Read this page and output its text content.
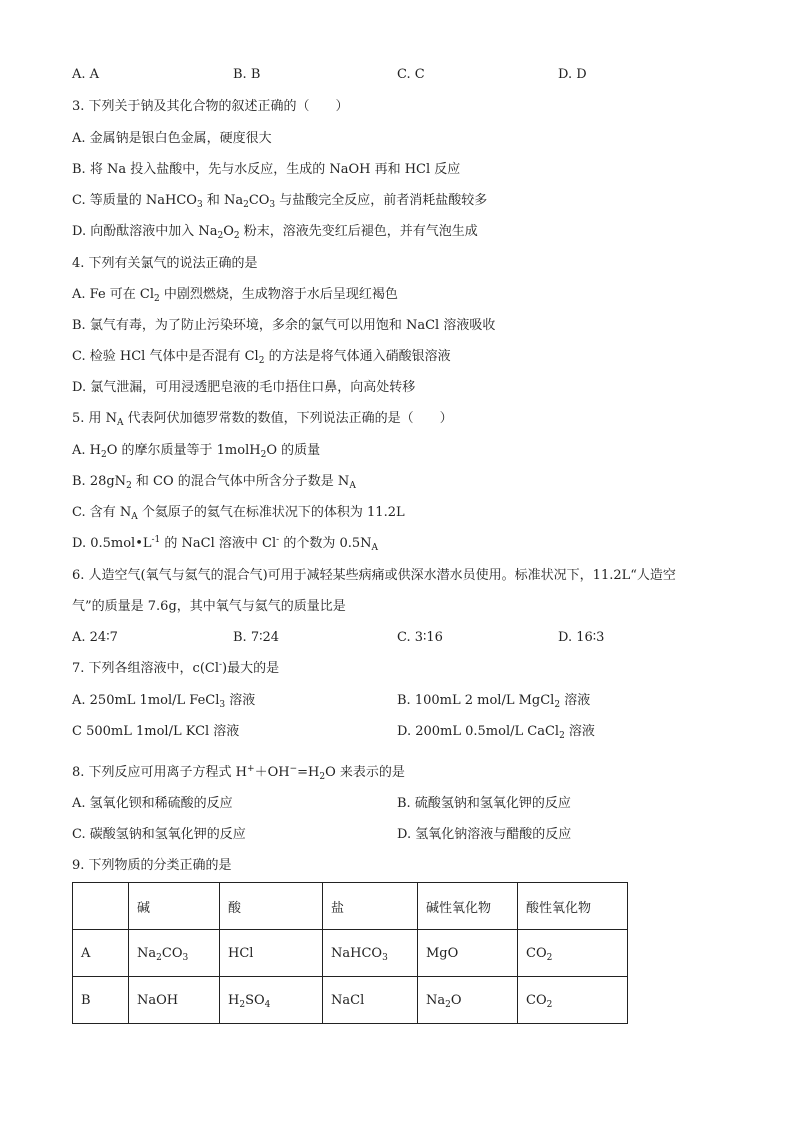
A. A	B. B	C. C	D. D
3. 下列关于钠及其化合物的叙述正确的（　　）
A. 金属钠是银白色金属，硬度很大
B. 将 Na 投入盐酸中，先与水反应，生成的 NaOH 再和 HCl 反应
C. 等质量的 NaHCO$_3$ 和 $Na_2CO_3$ 与盐酸完全反应，前者消耗盐酸较多
D. 向酚酞溶液中加入 $Na_2O_2$ 粉末，溶液先变红后褪色，并有气泡生成
4. 下列有关氯气的说法正确的是
A. Fe 可在 $Cl_2$ 中剧烈燃烧，生成物溶于水后呈现红褐色
B. 氯气有毒，为了防止污染环境，多余的氯气可以用饱和 NaCl 溶液吸收
C. 检验 HCl 气体中是否混有 $Cl_2$ 的方法是将气体通入硝酸银溶液
D. 氯气泄漏，可用浸透肥皂液的毛巾捂住口鼻，向高处转移
5. 用 $N_A$ 代表阿伏加德罗常数的数值，下列说法正确的是（　　）
A. $H_2O$ 的摩尔质量等于 1molH$_2$O 的质量
B. $28gN_2$ 和 CO 的混合气体中所含分子数是 $N_A$
C. 含有 $N_A$ 个氦原子的氦气在标准状况下的体积为 11.2L
D. $0.5mol•L^{-1}$ 的 NaCl 溶液中 Cl- 的个数为 $0.5N_A$
6. 人造空气(氧气与氦气的混合气)可用于减轻某些病痛或供深水潜水员使用。标准状况下，11.2L“人造空
气”的质量是 7.6g，其中氧气与氦气的质量比是
A. 24∶7	B. 7∶24	C. 3∶16	D. 16∶3
7. 下列各组溶液中，c(Cl-)最大的是
A. 250mL 1mol/L FeCl$_3$ 溶液	B. 100mL 2 mol/L MgCl$_2$ 溶液
C 500mL 1mol/L KCl 溶液	D. 200mL 0.5mol/L CaCl$_2$ 溶液
8. 下列反应可用离子方程式 $H^++OH^-=H_2O$ 来表示的是
A. 氢氧化钡和稀硫酸的反应	B. 硫酸氢钠和氢氧化钾的反应
C. 碳酸氢钠和氢氧化钾的反应	D. 氢氧化钠溶液与醋酸的反应
9. 下列物质的分类正确的是
	碱	酸	盐	碱性氧化物	酸性氧化物
A	$Na_2CO_3$	HCl	NaHCO$_3$	MgO	$CO_2$
B	NaOH	$H_2SO_4$	NaCl	$Na_2O$	$CO_2$
